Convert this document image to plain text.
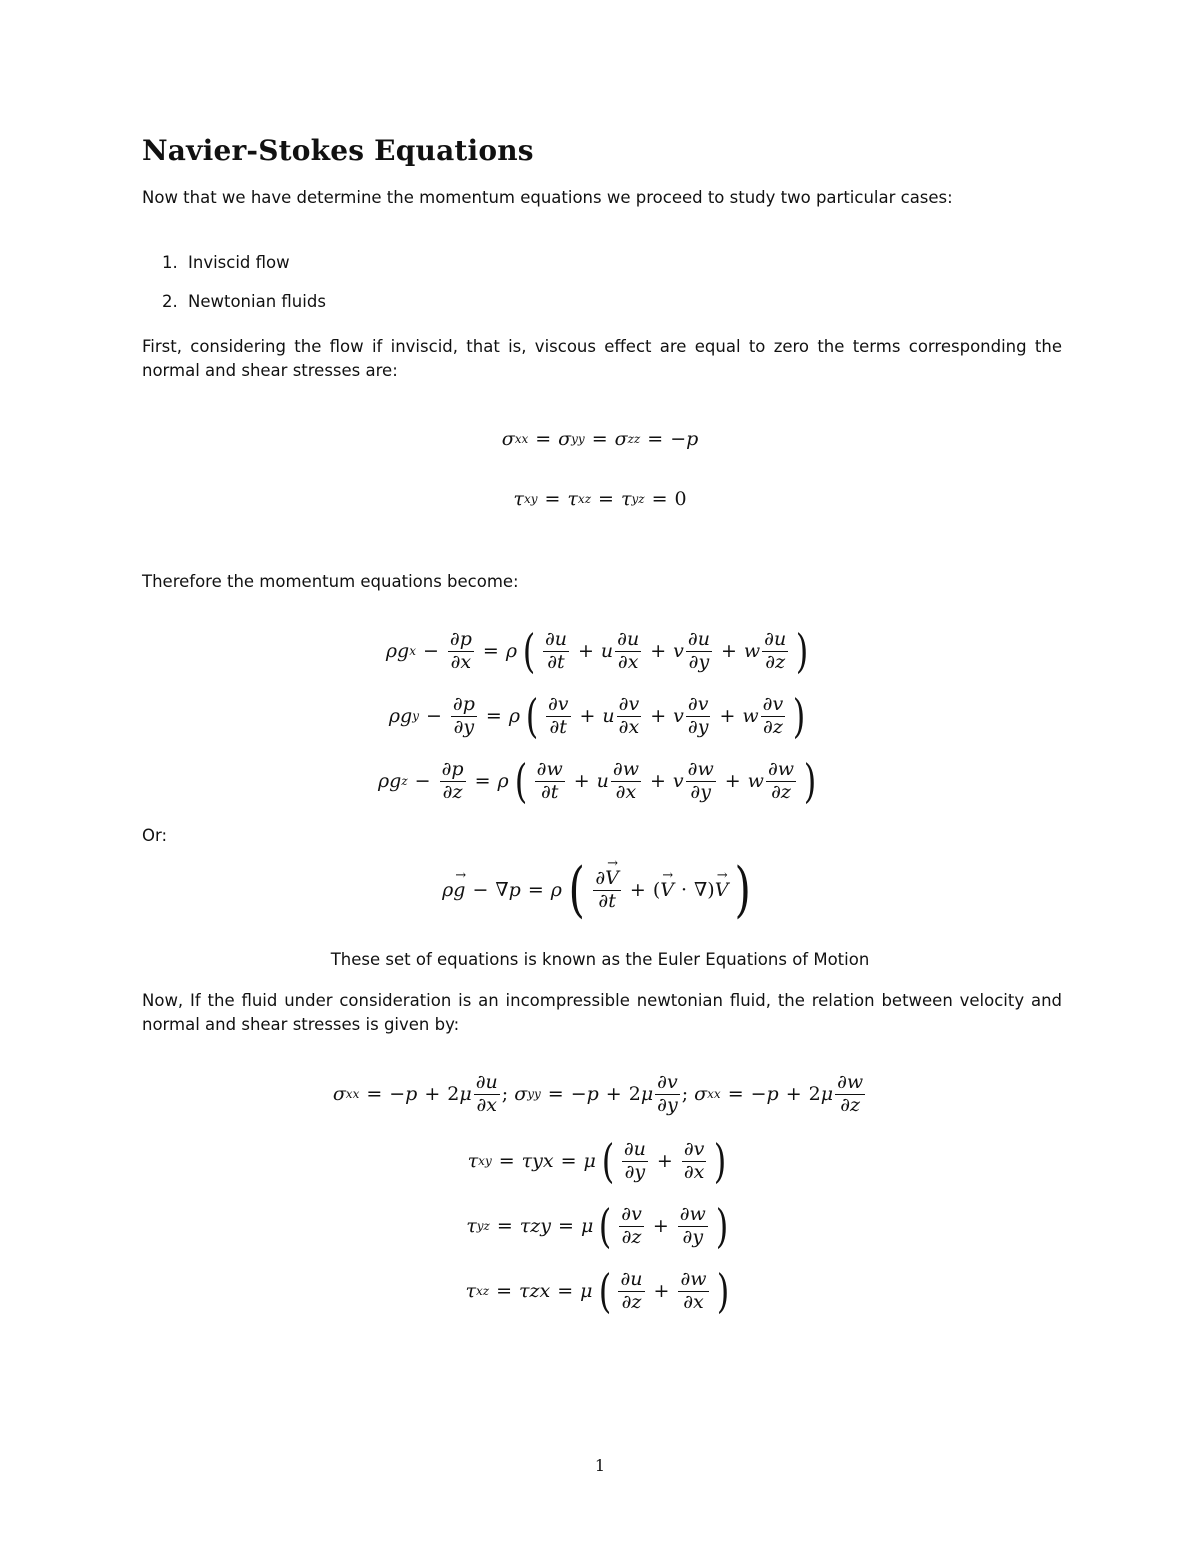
Navier-Stokes Equations
Now that we have determine the momentum equations we proceed to study two particular cases:
1. Inviscid flow
2. Newtonian fluids
First, considering the flow if inviscid, that is, viscous effect are equal to zero the terms corresponding the normal and shear stresses are:
σ xx = σ yy = σ zz = −p
τ xy = τ xz = τ yz = 0
Therefore the momentum equations become:
ρg $x - \frac{\partial p}{\partial x} = \rho$ ( $\frac{\partial u}{\partial t} + u \frac{\partial u}{\partial x} + v \frac{\partial u}{\partial y} + w \frac{\partial u}{\partial z}$ )
ρg $y - \frac{\partial p}{\partial y} = \rho$ ( $\frac{\partial v}{\partial t} + u \frac{\partial v}{\partial x} + v \frac{\partial v}{\partial y} + w \frac{\partial v}{\partial z}$ )
ρg $z - \frac{\partial p}{\partial z} = \rho$ ( $\frac{\partial w}{\partial t} + u \frac{\partial w}{\partial x} + v \frac{\partial w}{\partial y} + w \frac{\partial w}{\partial z}$ )
Or:
ρ g → − ∇ p = ρ ( $\frac{\partial V \to}{\partial t}$ + ( V → · ∇) V → )
These set of equations is known as the Euler Equations of Motion
Now, If the fluid under consideration is an incompressible newtonian fluid, the relation between velocity and normal and shear stresses is given by:
σ xx = −p + 2 μ $\frac{\partial u}{\partial x}$ ; σ yy = −p + 2 μ $\frac{\partial v}{\partial y}$ ; σ xx = −p + 2 μ $\frac{\partial w}{\partial z}$
τ xy = τyx = μ ( $\frac{\partial u}{\partial y} + \frac{\partial v}{\partial x}$ )
τ yz = τzy = μ ( $\frac{\partial v}{\partial z} + \frac{\partial w}{\partial y}$ )
τ xz = τzx = μ ( $\frac{\partial u}{\partial z} + \frac{\partial w}{\partial x}$ )
1
